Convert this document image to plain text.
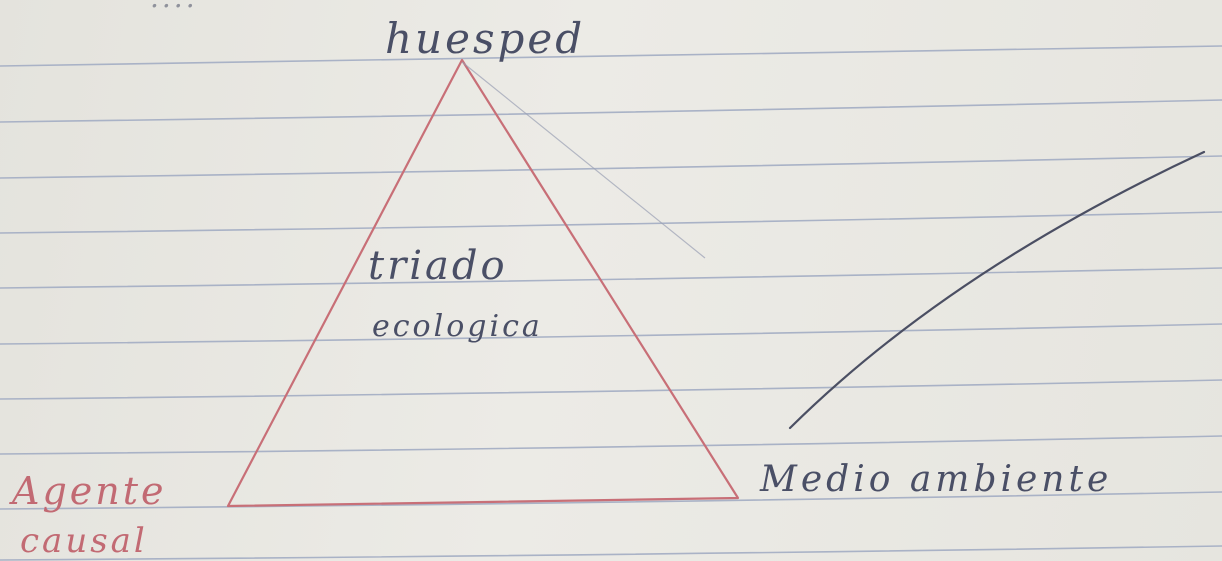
huesped
triado
ecologica
Agente
causal
Medio ambiente
